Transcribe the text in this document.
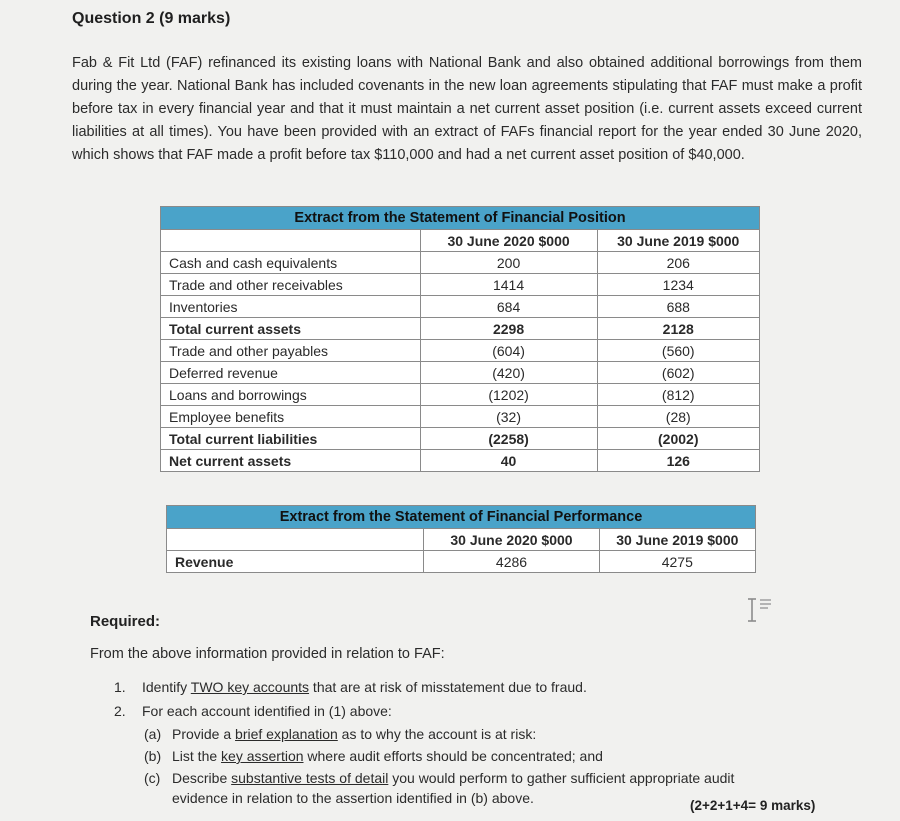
Question 2 (9 marks)
Fab & Fit Ltd (FAF) refinanced its existing loans with National Bank and also obtained additional borrowings from them during the year. National Bank has included covenants in the new loan agreements stipulating that FAF must make a profit before tax in every financial year and that it must maintain a net current asset position (i.e. current assets exceed current liabilities at all times). You have been provided with an extract of FAFs financial report for the year ended 30 June 2020, which shows that FAF made a profit before tax $110,000 and had a net current asset position of $40,000.
Extract from the Statement of Financial Position		
	30 June 2020 $000	30 June 2019 $000
Cash and cash equivalents	200	206
Trade and other receivables	1414	1234
Inventories	684	688
Total current assets	2298	2128
Trade and other payables	(604)	(560)
Deferred revenue	(420)	(602)
Loans and borrowings	(1202)	(812)
Employee benefits	(32)	(28)
Total current liabilities	(2258)	(2002)
Net current assets	40	126
Extract from the Statement of Financial Performance		
	30 June 2020 $000	30 June 2019 $000
Revenue	4286	4275
Required:
From the above information provided in relation to FAF:
1. Identify TWO key accounts that are at risk of misstatement due to fraud.
2. For each account identified in (1) above:
(a) Provide a brief explanation as to why the account is at risk:
(b) List the key assertion where audit efforts should be concentrated; and
(c) Describe substantive tests of detail you would perform to gather sufficient appropriate audit
evidence in relation to the assertion identified in (b) above.	(2+2+1+4= 9 marks)
